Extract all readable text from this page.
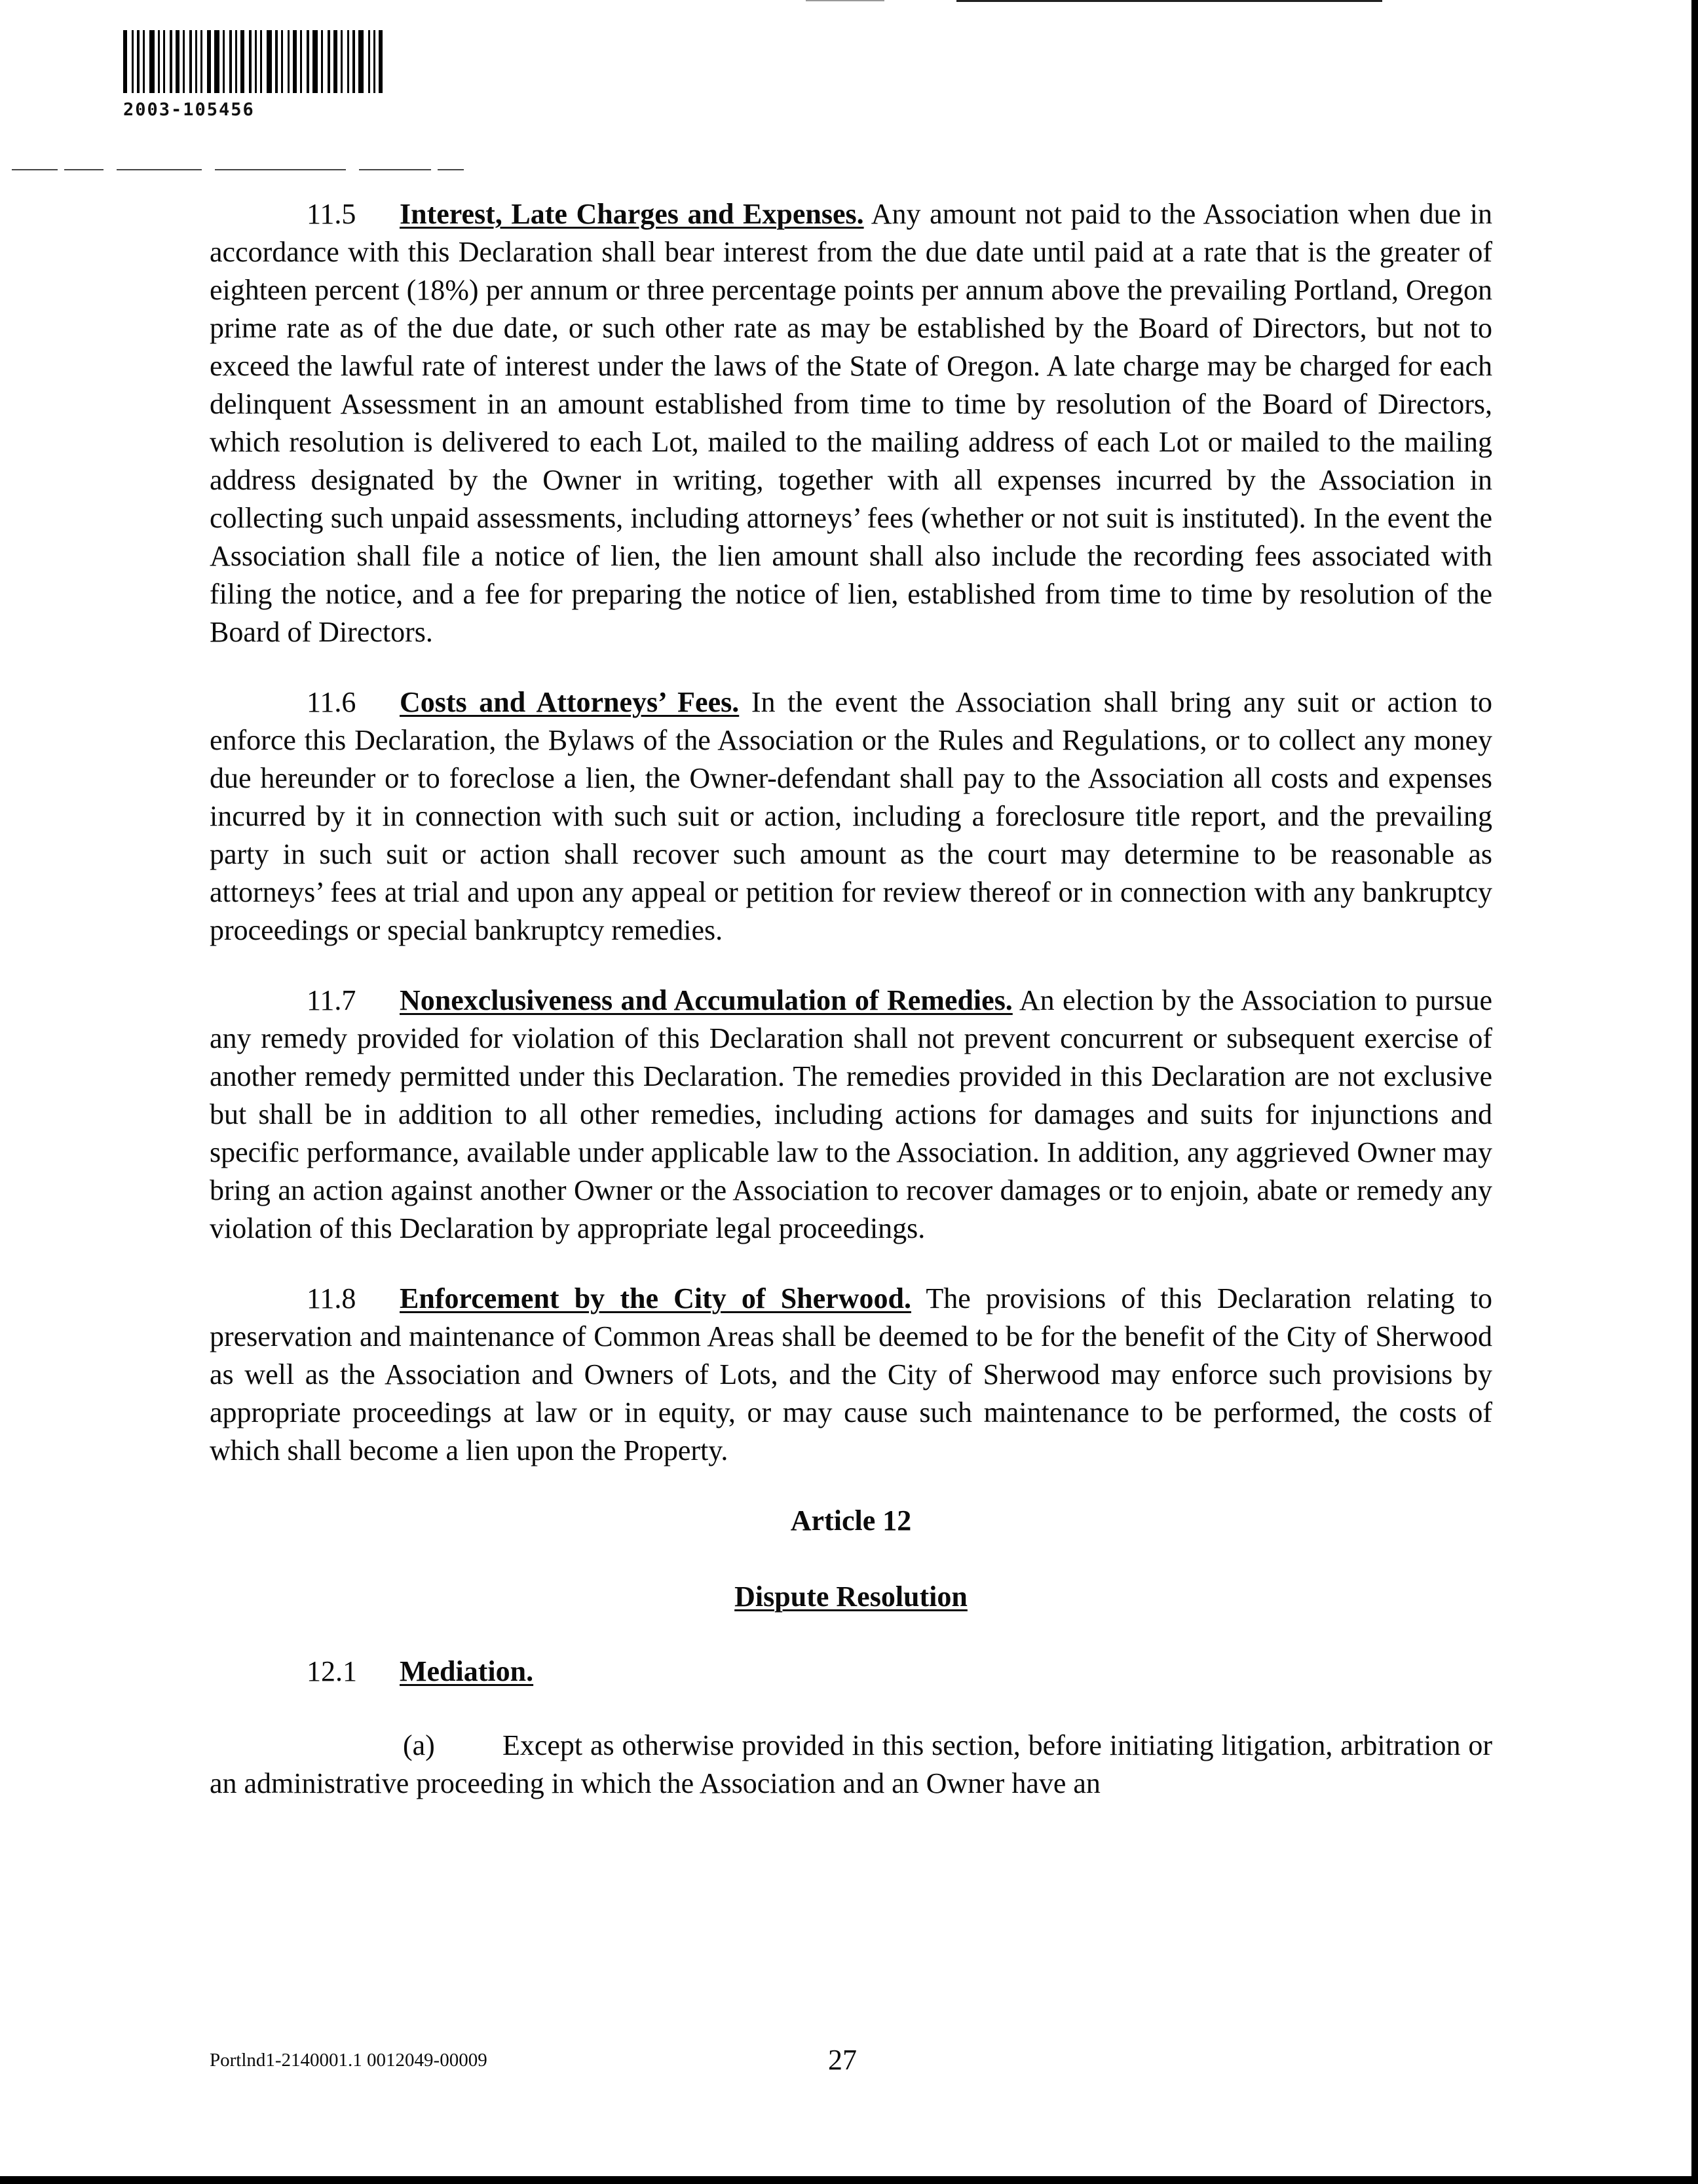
2003-105456

11.5 Interest, Late Charges and Expenses. Any amount not paid to the Association when due in accordance with this Declaration shall bear interest from the due date until paid at a rate that is the greater of eighteen percent (18%) per annum or three percentage points per annum above the prevailing Portland, Oregon prime rate as of the due date, or such other rate as may be established by the Board of Directors, but not to exceed the lawful rate of interest under the laws of the State of Oregon. A late charge may be charged for each delinquent Assessment in an amount established from time to time by resolution of the Board of Directors, which resolution is delivered to each Lot, mailed to the mailing address of each Lot or mailed to the mailing address designated by the Owner in writing, together with all expenses incurred by the Association in collecting such unpaid assessments, including attorneys’ fees (whether or not suit is instituted). In the event the Association shall file a notice of lien, the lien amount shall also include the recording fees associated with filing the notice, and a fee for preparing the notice of lien, established from time to time by resolution of the Board of Directors.

11.6 Costs and Attorneys’ Fees. In the event the Association shall bring any suit or action to enforce this Declaration, the Bylaws of the Association or the Rules and Regulations, or to collect any money due hereunder or to foreclose a lien, the Owner-defendant shall pay to the Association all costs and expenses incurred by it in connection with such suit or action, including a foreclosure title report, and the prevailing party in such suit or action shall recover such amount as the court may determine to be reasonable as attorneys’ fees at trial and upon any appeal or petition for review thereof or in connection with any bankruptcy proceedings or special bankruptcy remedies.

11.7 Nonexclusiveness and Accumulation of Remedies. An election by the Association to pursue any remedy provided for violation of this Declaration shall not prevent concurrent or subsequent exercise of another remedy permitted under this Declaration. The remedies provided in this Declaration are not exclusive but shall be in addition to all other remedies, including actions for damages and suits for injunctions and specific performance, available under applicable law to the Association. In addition, any aggrieved Owner may bring an action against another Owner or the Association to recover damages or to enjoin, abate or remedy any violation of this Declaration by appropriate legal proceedings.

11.8 Enforcement by the City of Sherwood. The provisions of this Declaration relating to preservation and maintenance of Common Areas shall be deemed to be for the benefit of the City of Sherwood as well as the Association and Owners of Lots, and the City of Sherwood may enforce such provisions by appropriate proceedings at law or in equity, or may cause such maintenance to be performed, the costs of which shall become a lien upon the Property.

Article 12
Dispute Resolution
12.1 Mediation.

(a) Except as otherwise provided in this section, before initiating litigation, arbitration or an administrative proceeding in which the Association and an Owner have an

Portlnd1-2140001.1 0012049-00009	27
